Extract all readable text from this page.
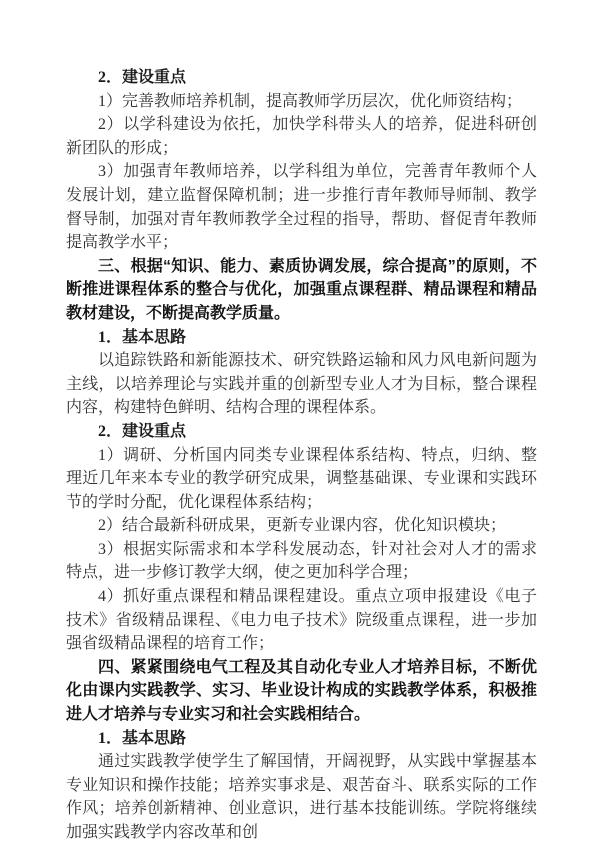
2．建设重点

1）完善教师培养机制，提高教师学历层次，优化师资结构；

2）以学科建设为依托，加快学科带头人的培养，促进科研创新团队的形成；

3）加强青年教师培养，以学科组为单位，完善青年教师个人发展计划，建立监督保障机制；进一步推行青年教师导师制、教学督导制，加强对青年教师教学全过程的指导，帮助、督促青年教师提高教学水平；

三、根据“知识、能力、素质协调发展，综合提高”的原则，不断推进课程体系的整合与优化，加强重点课程群、精品课程和精品教材建设，不断提高教学质量。

1．基本思路

以追踪铁路和新能源技术、研究铁路运输和风力风电新问题为主线，以培养理论与实践并重的创新型专业人才为目标，整合课程内容，构建特色鲜明、结构合理的课程体系。

2．建设重点

1）调研、分析国内同类专业课程体系结构、特点，归纳、整理近几年来本专业的教学研究成果，调整基础课、专业课和实践环节的学时分配，优化课程体系结构；

2）结合最新科研成果，更新专业课内容，优化知识模块；

3）根据实际需求和本学科发展动态，针对社会对人才的需求特点，进一步修订教学大纲，使之更加科学合理；

4）抓好重点课程和精品课程建设。重点立项申报建设《电子技术》省级精品课程、《电力电子技术》院级重点课程，进一步加强省级精品课程的培育工作；

四、紧紧围绕电气工程及其自动化专业人才培养目标，不断优化由课内实践教学、实习、毕业设计构成的实践教学体系，积极推进人才培养与专业实习和社会实践相结合。

1．基本思路

通过实践教学使学生了解国情，开阔视野，从实践中掌握基本专业知识和操作技能；培养实事求是、艰苦奋斗、联系实际的工作作风；培养创新精神、创业意识，进行基本技能训练。学院将继续加强实践教学内容改革和创
